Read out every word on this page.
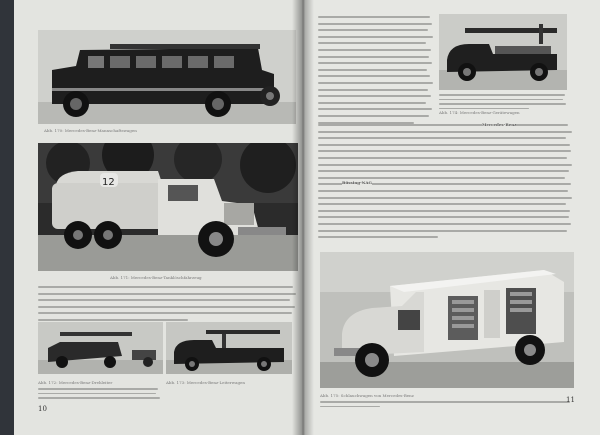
Abb. 170: Mercedes-Benz-Mannschaftswagen
12
Abb. 171: Mercedes-Benz-Tanklöschfahrzeug
Abb. 172: Mercedes-Benz-Drehleiter	Abb. 173: Mercedes-Benz-Leiterwagen
10
Abb. 174: Mercedes-Benz-Gerätewagen
Mercedes-Benz
Büssing-NAG
Abb. 175: Schlauchwagen von Mercedes-Benz
11
